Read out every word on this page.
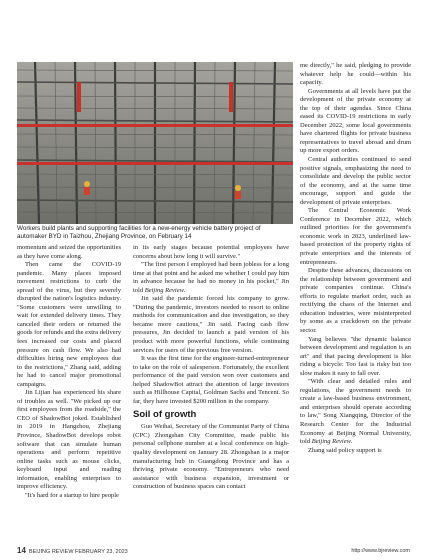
Workers build plants and supporting facilities for a new-energy vehicle battery project of
automaker BYD in Taizhou, Zhejiang Province, on February 14

momentum and seized the opportunities as they have come along.

Then came the COVID-19 pandemic. Many places imposed movement restrictions to curb the spread of the virus, but they severely disrupted the nation's logistics industry. "Some customers were unwilling to wait for extended delivery times. They canceled their orders or returned the goods for refunds and the extra delivery fees increased our costs and placed pressure on cash flow. We also had difficulties hiring new employees due to the restrictions," Zhang said, adding he had to cancel major promotional campaigns.

Jin Lijian has experienced his share of troubles as well. "We picked up our first employees from the roadside," the CEO of ShadowBot joked. Established in 2019 in Hangzhou, Zhejiang Province, ShadowBot develops robot software that can simulate human operations and perform repetitive online tasks such as mouse clicks, keyboard input and reading information, enabling enterprises to improve efficiency.

"It's hard for a startup to hire people

in its early stages because potential employees have concerns about how long it will survive."

"The first person I employed had been jobless for a long time at that point and he asked me whether I could pay him in advance because he had no money in his pocket," Jin told Beijing Review.

Jin said the pandemic forced his company to grow. "During the pandemic, investors needed to resort to online methods for communication and due investigation, so they became more cautious," Jin said. Facing cash flow pressures, Jin decided to launch a paid version of his product with more powerful functions, while continuing services for users of the previous free version.

It was the first time for the engineer-turned-entrepreneur to take on the role of salesperson. Fortunately, the excellent performance of the paid version won over customers and helped ShadowBot attract the attention of large investors such as Hillhouse Capital, Goldman Sachs and Tencent. So far, they have invested $200 million in the company.

Soil of growth

Guo Weihai, Secretary of the Communist Party of China (CPC) Zhongshan City Committee, made public his personal cellphone number at a local conference on high-quality development on January 28. Zhongshan is a major manufacturing hub in Guangdong Province and has a thriving private economy. "Entrepreneurs who need assistance with business expansion, investment or construction of business spaces can contact

me directly," he said, pledging to provide whatever help he could—within his capacity.

Governments at all levels have put the development of the private economy at the top of their agendas. Since China eased its COVID-19 restrictions in early December 2022, some local governments have chartered flights for private business representatives to travel abroad and drum up more export orders.

Central authorities continued to send positive signals, emphasizing the need to consolidate and develop the public sector of the economy, and at the same time encourage, support and guide the development of private enterprises.

The Central Economic Work Conference in December 2022, which outlined priorities for the government's economic work in 2023, underlined law-based protection of the property rights of private enterprises and the interests of entrepreneurs.

Despite these advances, discussions on the relationship between government and private companies continue. China's efforts to regulate market order, such as rectifying the chaos of the Internet and education industries, were misinterpreted by some as a crackdown on the private sector.

Yang believes "the dynamic balance between development and regulation is an art" and that pacing development is like riding a bicycle: Too fast is risky but too slow makes it easy to fall over.

"With clear and detailed rules and regulations, the government needs to create a law-based business environment, and enterprises should operate according to law," Song Xiangqing, Director of the Research Center for the Industrial Economy at Beijing Normal University, told Beijing Review.

Zhang said policy support is

14 BEIJING REVIEW FEBRUARY 23, 2023	http://www.bjreview.com
